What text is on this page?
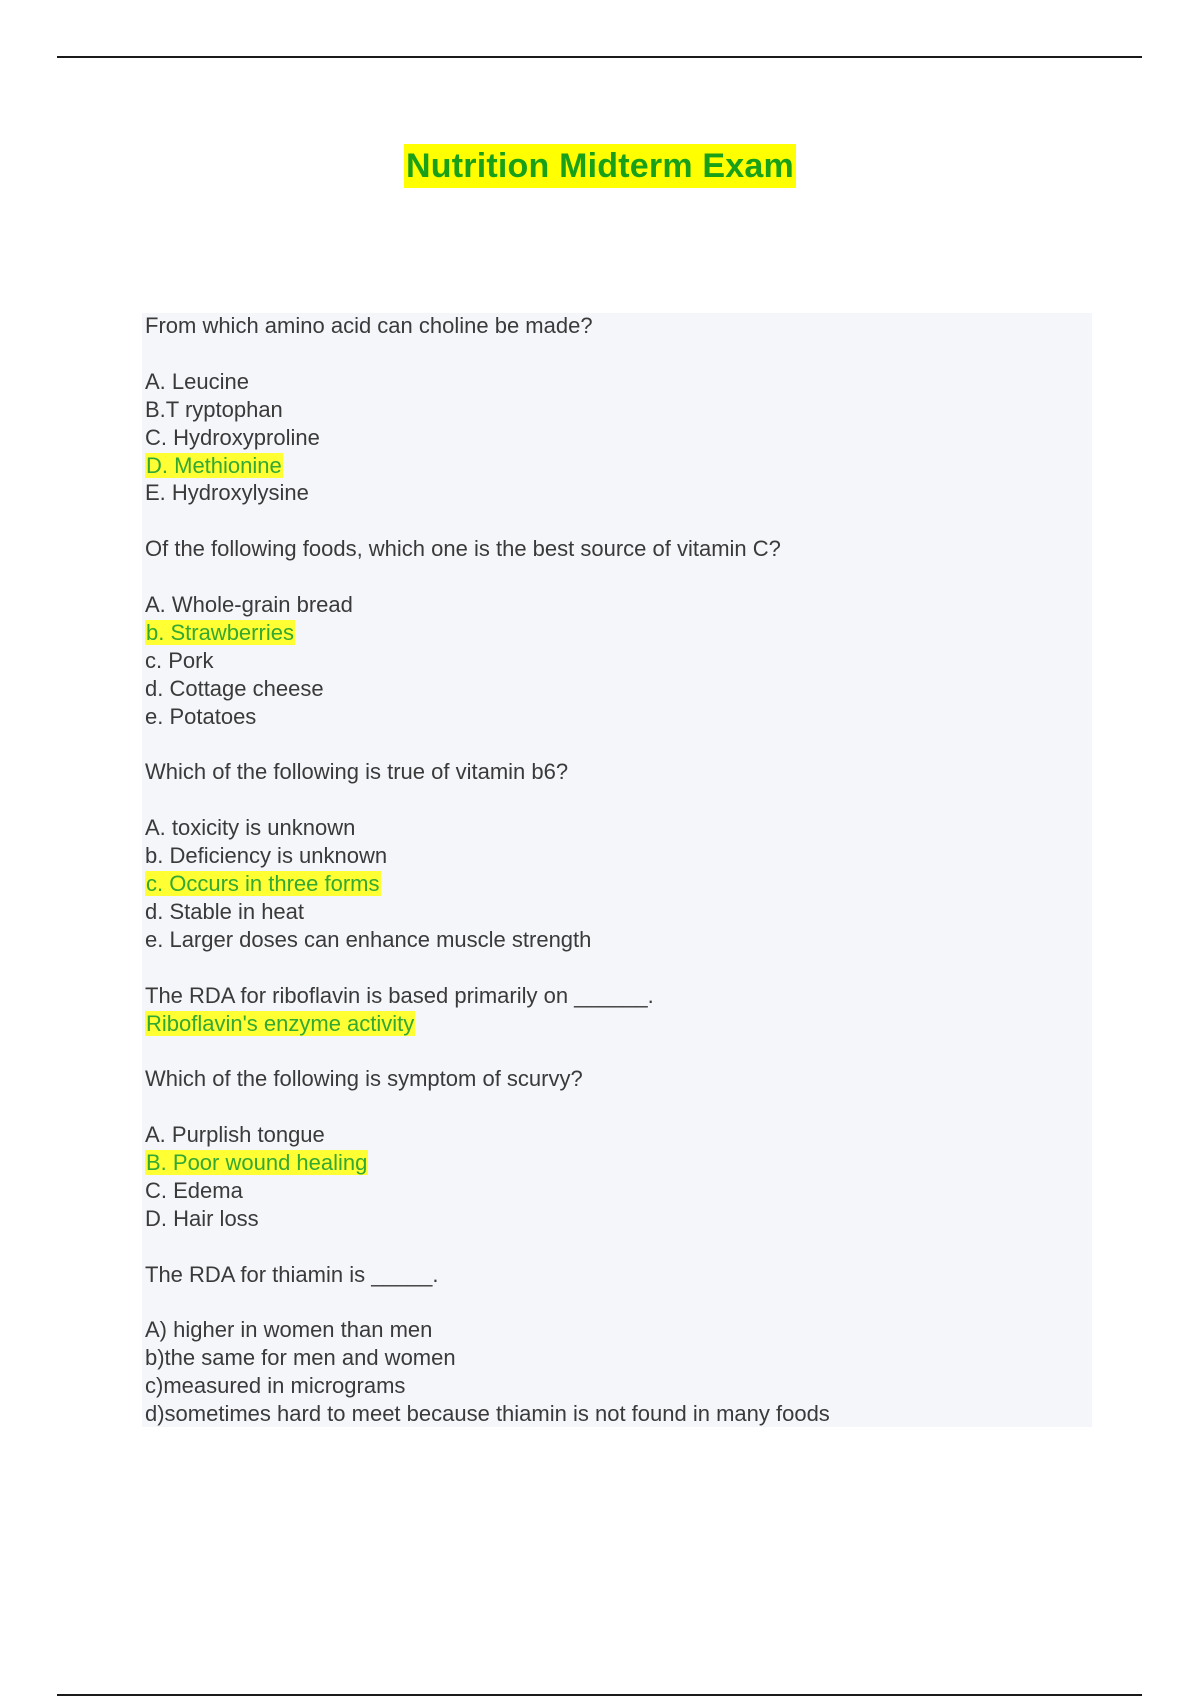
Nutrition Midterm Exam

From which amino acid can choline be made?

A. Leucine

B.T ryptophan

C. Hydroxyproline

D. Methionine

E. Hydroxylysine

Of the following foods, which one is the best source of vitamin C?

A. Whole-grain bread

b. Strawberries

c. Pork

d. Cottage cheese

e. Potatoes

Which of the following is true of vitamin b6?

A. toxicity is unknown

b. Deficiency is unknown

c. Occurs in three forms

d. Stable in heat

e. Larger doses can enhance muscle strength

The RDA for riboflavin is based primarily on ______.

Riboflavin's enzyme activity

Which of the following is symptom of scurvy?

A. Purplish tongue

B. Poor wound healing

C. Edema

D. Hair loss

The RDA for thiamin is _____.

A) higher in women than men

b)the same for men and women

c)measured in micrograms

d)sometimes hard to meet because thiamin is not found in many foods
